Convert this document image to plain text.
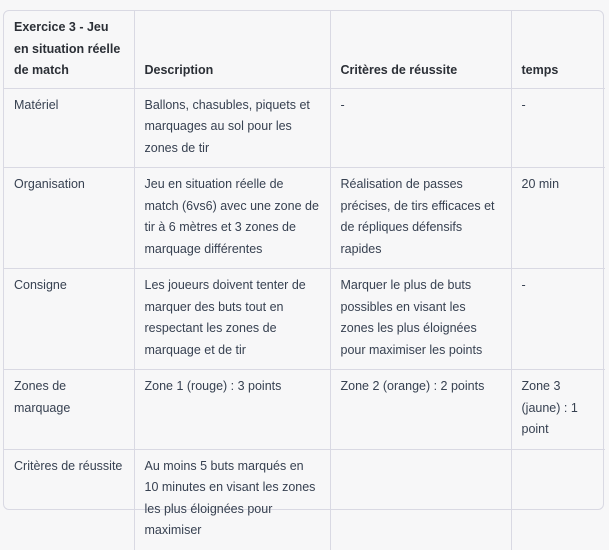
Exercice 3 - Jeu en situation réelle de match	Description	Critères de réussite	temps
Matériel	Ballons, chasubles, piquets et marquages au sol pour les zones de tir	-	-
Organisation	Jeu en situation réelle de match (6vs6) avec une zone de tir à 6 mètres et 3 zones de marquage différentes	Réalisation de passes précises, de tirs efficaces et de répliques défensifs rapides	20 min
Consigne	Les joueurs doivent tenter de marquer des buts tout en respectant les zones de marquage et de tir	Marquer le plus de buts possibles en visant les zones les plus éloignées pour maximiser les points	-
Zones de marquage	Zone 1 (rouge) : 3 points	Zone 2 (orange) : 2 points	Zone 3 (jaune) : 1 point
Critères de réussite	Au moins 5 buts marqués en 10 minutes en visant les zones les plus éloignées pour maximiser		
